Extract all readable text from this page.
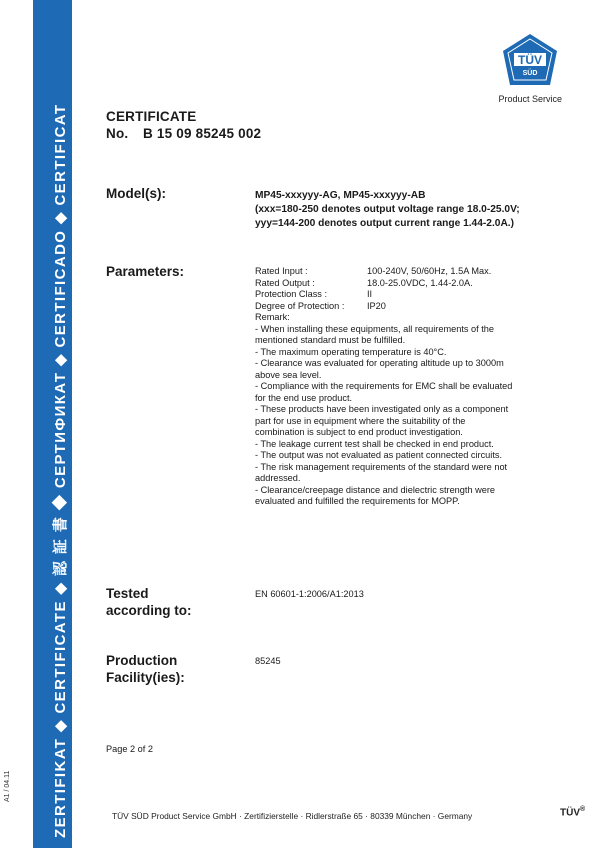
ZERTIFIKAT ◆ CERTIFICATE ◆ 認 証 書 ◆ СЕРТИФИКАТ ◆ CERTIFICADO ◆ CERTIFICAT
A1 / 04.11
TÜV
SÜD
Product Service
CERTIFICATE
No. B 15 09 85245 002
Model(s):	MP45-xxxyyy-AG, MP45-xxxyyy-AB
(xxx=180-250 denotes output voltage range 18.0-25.0V;
yyy=144-200 denotes output current range 1.44-2.0A.)
Parameters:	Rated Input :	100-240V, 50/60Hz, 1.5A Max.
Rated Output :	18.0-25.0VDC, 1.44-2.0A.
Protection Class :	II
Degree of Protection :	IP20
Remark:
- When installing these equipments, all requirements of the mentioned standard must be fulfilled.
- The maximum operating temperature is 40°C.
- Clearance was evaluated for operating altitude up to 3000m above sea level.
- Compliance with the requirements for EMC shall be evaluated for the end use product.
- These products have been investigated only as a component part for use in equipment where the suitability of the combination is subject to end product investigation.
- The leakage current test shall be checked in end product.
- The output was not evaluated as patient connected circuits.
- The risk management requirements of the standard were not addressed.
- Clearance/creepage distance and dielectric strength were evaluated and fulfilled the requirements for MOPP.
Tested
according to:
EN 60601-1:2006/A1:2013
Production
Facility(ies):
85245
Page 2 of 2
TÜV SÜD Product Service GmbH · Zertifizierstelle · Ridlerstraße 65 · 80339 München · Germany	TÜV®
